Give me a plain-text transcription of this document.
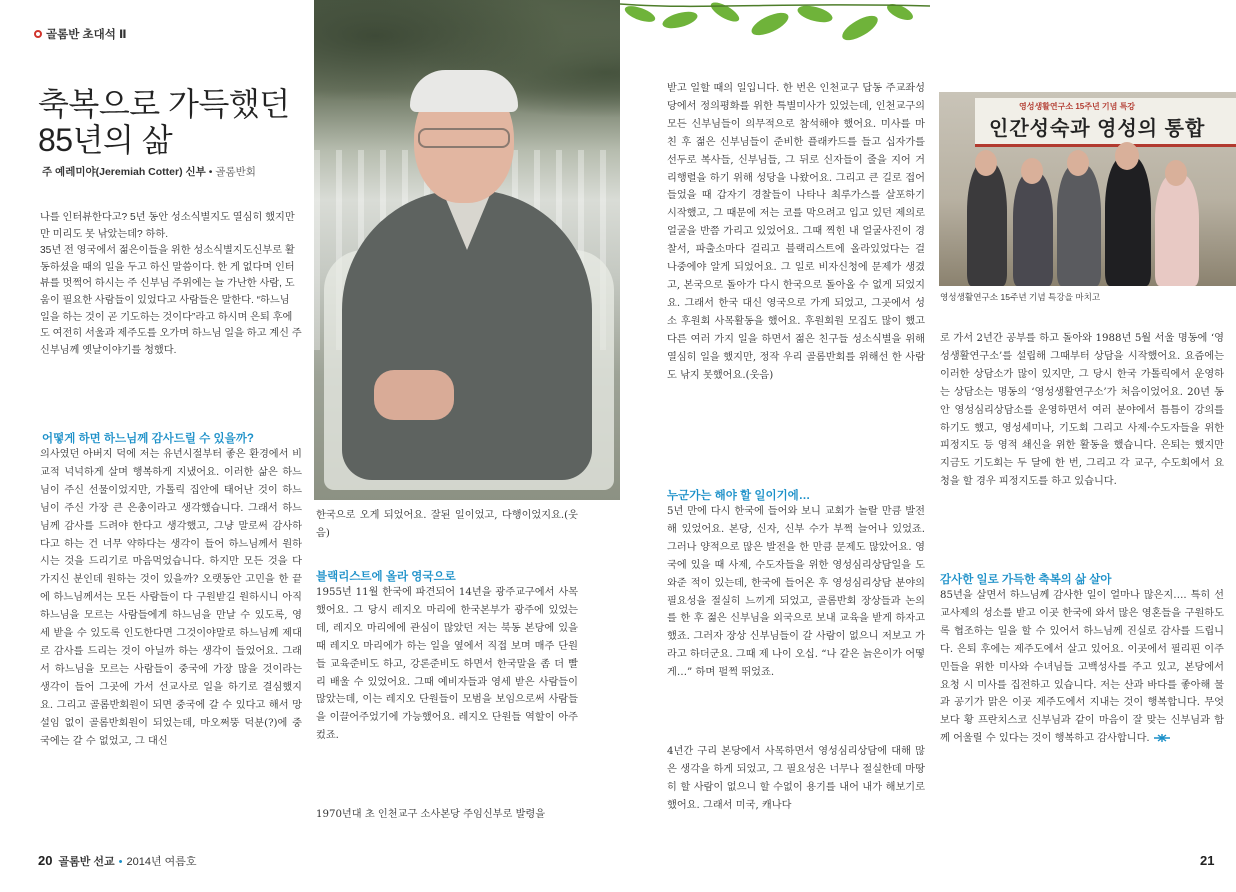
골롬반 초대석 Ⅱ
축복으로 가득했던
85년의 삶
주 예레미야(Jeremiah Cotter) 신부 • 골롬반회

나를 인터뷰한다고? 5년 동안 성소식별지도 열심히 했지만 만 미리도 못 낚았는데? 하하.

35년 전 영국에서 젊은이들을 위한 성소식별지도신부로 활동하셨을 때의 일을 두고 하신 말씀이다. 한 게 없다며 인터뷰를 멋쩍어 하시는 주 신부님 주위에는 늘 가난한 사람, 도움이 필요한 사람들이 있었다고 사람들은 말한다. “하느님 일을 하는 것이 곧 기도하는 것이다”라고 하시며 은퇴 후에도 여전히 서울과 제주도를 오가며 하느님 일을 하고 계신 주 신부님께 옛날이야기를 청했다.

어떻게 하면 하느님께 감사드릴 수 있을까?
의사였던 아버지 덕에 저는 유년시절부터 좋은 환경에서 비교적 넉넉하게 살며 행복하게 지냈어요. 이러한 삶은 하느님이 주신 선물이었지만, 가톨릭 집안에 태어난 것이 하느님이 주신 가장 큰 은총이라고 생각했습니다. 그래서 하느님께 감사를 드려야 한다고 생각했고, 그냥 말로써 감사하다고 하는 건 너무 약하다는 생각이 들어 하느님께서 원하시는 것을 드리기로 마음먹었습니다. 하지만 모든 것을 다 가지신 분인데 원하는 것이 있을까? 오랫동안 고민을 한 끝에 하느님께서는 모든 사람들이 다 구원받길 원하시니 아직 하느님을 모르는 사람들에게 하느님을 만날 수 있도록, 영세 받을 수 있도록 인도한다면 그것이야말로 하느님께 제대로 감사를 드리는 것이 아닐까 하는 생각이 들었어요. 그래서 하느님을 모르는 사람들이 중국에 가장 많을 것이라는 생각이 들어 그곳에 가서 선교사로 일을 하기로 결심했지요. 그리고 골롬반회원이 되면 중국에 갈 수 있다고 해서 망설임 없이 골롬반회원이 되었는데, 마오쩌뚱 덕분(?)에 중국에는 갈 수 없었고, 그 대신
한국으로 오게 되었어요. 잘된 일이었고, 다행이었지요.(웃음)
블랙리스트에 올라 영국으로
1955년 11월 한국에 파견되어 14년을 광주교구에서 사목했어요. 그 당시 레지오 마리에 한국본부가 광주에 있었는데, 레지오 마리에에 관심이 많았던 저는 북동 본당에 있을 때 레지오 마리에가 하는 일을 옆에서 직접 보며 매주 단원들 교육준비도 하고, 강론준비도 하면서 한국말을 좀 더 빨리 배울 수 있었어요. 그때 예비자들과 영세 받은 사람들이 많았는데, 이는 레지오 단원들이 모범을 보임으로써 사람들을 이끌어주었기에 가능했어요. 레지오 단원들 역할이 아주 컸죠.
1970년대 초 인천교구 소사본당 주임신부로 발령을
받고 일할 때의 일입니다. 한 번은 인천교구 답동 주교좌성당에서 정의평화를 위한 특별미사가 있었는데, 인천교구의 모든 신부님들이 의무적으로 참석해야 했어요. 미사를 마친 후 젊은 신부님들이 준비한 플래카드를 들고 십자가를 선두로 복사들, 신부님들, 그 뒤로 신자들이 줄을 지어 거리행렬을 하기 위해 성당을 나왔어요. 그리고 큰 길로 접어들었을 때 갑자기 경찰들이 나타나 최루가스를 살포하기 시작했고, 그 때문에 저는 코를 막으려고 입고 있던 제의로 얼굴을 반쯤 가리고 있었어요. 그때 찍힌 내 얼굴사진이 경찰서, 파출소마다 걸리고 블랙리스트에 올라있었다는 걸 나중에야 알게 되었어요. 그 일로 비자신청에 문제가 생겼고, 본국으로 돌아가 다시 한국으로 돌아올 수 없게 되었지요. 그래서 한국 대신 영국으로 가게 되었고, 그곳에서 성소 후원회 사목활동을 했어요. 후원회원 모집도 많이 했고 다른 여러 가지 일을 하면서 젊은 친구들 성소식별을 위해 열심히 일을 했지만, 정작 우리 골롬반회를 위해선 한 사람도 낚지 못했어요.(웃음)
누군가는 해야 할 일이기에…
5년 만에 다시 한국에 들어와 보니 교회가 놀랄 만큼 발전해 있었어요. 본당, 신자, 신부 수가 부쩍 늘어나 있었죠. 그러나 양적으로 많은 발전을 한 만큼 문제도 많았어요. 영국에 있을 때 사제, 수도자들을 위한 영성심리상담일을 도와준 적이 있는데, 한국에 들어온 후 영성심리상담 분야의 필요성을 절실히 느끼게 되었고, 골롬반회 장상들과 논의를 한 후 젊은 신부님을 외국으로 보내 교육을 받게 하자고 했죠. 그러자 장상 신부님들이 갈 사람이 없으니 저보고 가라고 하더군요. 그때 제 나이 오십. “나 같은 늙은이가 어떻게…” 하며 펄쩍 뛰었죠.
4년간 구리 본당에서 사목하면서 영성심리상담에 대해 많은 생각을 하게 되었고, 그 필요성은 너무나 절실한데 마땅히 할 사람이 없으니 할 수없이 용기를 내어 내가 해보기로 했어요. 그래서 미국, 캐나다
영성생활연구소 15주년 기념 특강
인간성숙과 영성의 통합
영성생활연구소 15주년 기념 특강을 마치고
로 가서 2년간 공부를 하고 돌아와 1988년 5월 서울 명동에 ‘영성생활연구소’를 설립해 그때부터 상담을 시작했어요. 요즘에는 이러한 상담소가 많이 있지만, 그 당시 한국 가톨릭에서 운영하는 상담소는 명동의 ‘영성생활연구소’가 처음이었어요. 20년 동안 영성심리상담소를 운영하면서 여러 분야에서 틈틈이 강의를 하기도 했고, 영성세미나, 기도회 그리고 사제·수도자들을 위한 피정지도 등 영적 쇄신을 위한 활동을 했습니다. 은퇴는 했지만 지금도 기도회는 두 달에 한 번, 그리고 각 교구, 수도회에서 요청을 할 경우 피정지도를 하고 있습니다.
감사한 일로 가득한 축복의 삶 살아
85년을 살면서 하느님께 감사한 일이 얼마나 많은지…. 특히 선교사제의 성소를 받고 이곳 한국에 와서 많은 영혼들을 구원하도록 협조하는 일을 할 수 있어서 하느님께 진실로 감사를 드립니다. 은퇴 후에는 제주도에서 살고 있어요. 이곳에서 필리핀 이주민들을 위한 미사와 수녀님들 고백성사를 주고 있고, 본당에서 요청 시 미사를 집전하고 있습니다. 저는 산과 바다를 좋아해 물과 공기가 맑은 이곳 제주도에서 지내는 것이 행복합니다. 무엇보다 황 프란치스코 신부님과 같이 마음이 잘 맞는 신부님과 함께 어울릴 수 있다는 것이 행복하고 감사합니다.
20 골롬반 선교 • 2014년 여름호	21
